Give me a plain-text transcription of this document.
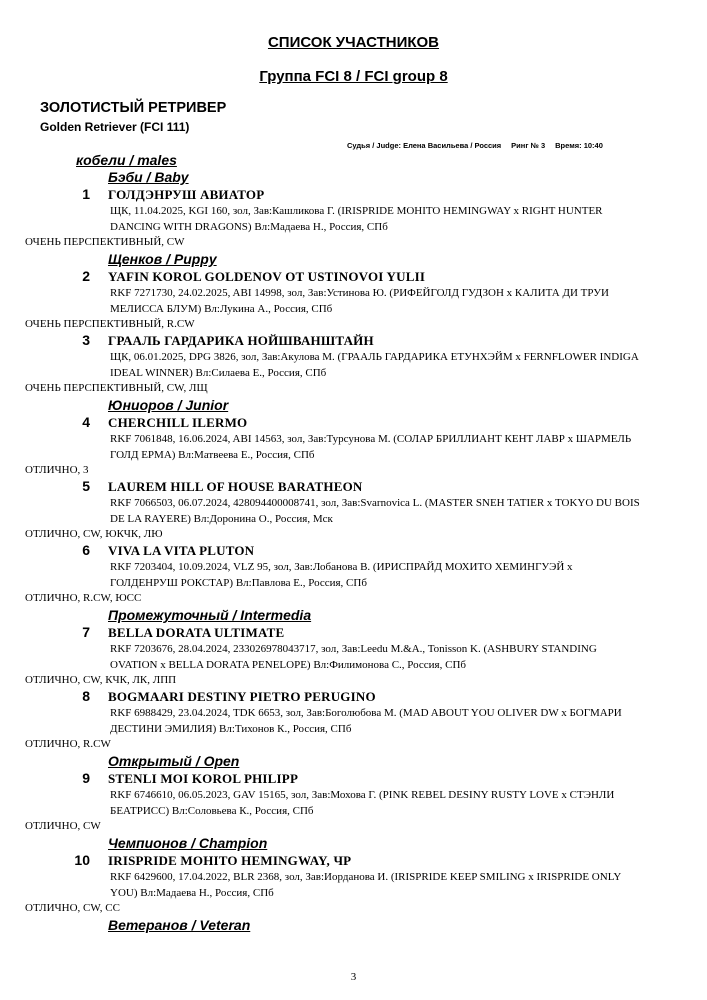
СПИСОК УЧАСТНИКОВ
Группа FCI 8 / FCI group 8
ЗОЛОТИСТЫЙ РЕТРИВЕР
Golden Retriever (FCI 111)
Судья / Judge: Елена Васильева / Россия Ринг № 3 Время: 10:40
кобели / males
Бэби / Baby
1	ГОЛДЭНРУШ АВИАТОР
ЩК, 11.04.2025, KGI 160, зол, Зав:Кашликова Г. (IRISPRIDE MOHITO HEMINGWAY x RIGHT HUNTER DANCING WITH DRAGONS) Вл:Мадаева Н., Россия, СПб
ОЧЕНЬ ПЕРСПЕКТИВНЫЙ, CW
Щенков / Puppy
2	YAFIN KOROL GOLDENOV OT USTINOVOI YULII
RKF 7271730, 24.02.2025, ABI 14998, зол, Зав:Устинова Ю. (РИФЕЙГОЛД ГУДЗОН x КАЛИТА ДИ ТРУИ МЕЛИССА БЛУМ) Вл:Лукина А., Россия, СПб
ОЧЕНЬ ПЕРСПЕКТИВНЫЙ, R.CW
3	ГРААЛЬ ГАРДАРИКА НОЙШВАНШТАЙН
ЩК, 06.01.2025, DPG 3826, зол, Зав:Акулова М. (ГРААЛЬ ГАРДАРИКА ЕТУНХЭЙМ x FERNFLOWER INDIGA IDEAL WINNER) Вл:Силаева Е., Россия, СПб
ОЧЕНЬ ПЕРСПЕКТИВНЫЙ, CW, ЛЩ
Юниоров / Junior
4	CHERCHILL ILERMO
RKF 7061848, 16.06.2024, ABI 14563, зол, Зав:Турсунова М. (СОЛАР БРИЛЛИАНТ КЕНТ ЛАВР x ШАРМЕЛЬ ГОЛД ЕРМА) Вл:Матвеева Е., Россия, СПб
ОТЛИЧНО, 3
5	LAUREM HILL OF HOUSE BARATHEON
RKF 7066503, 06.07.2024, 428094400008741, зол, Зав:Svarnovica L. (MASTER SNEH TATIER x TOKYO DU BOIS DE LA RAYERE) Вл:Доронина О., Россия, Мск
ОТЛИЧНО, CW, ЮКЧК, ЛЮ
6	VIVA LA VITA PLUTON
RKF 7203404, 10.09.2024, VLZ 95, зол, Зав:Лобанова В. (ИРИСПРАЙД МОХИТО ХЕМИНГУЭЙ x ГОЛДЕНРУШ РОКСТАР) Вл:Павлова Е., Россия, СПб
ОТЛИЧНО, R.CW, ЮСС
Промежуточный / Intermedia
7	BELLA DORATA ULTIMATE
RKF 7203676, 28.04.2024, 233026978043717, зол, Зав:Leedu M.&A., Tonisson K. (ASHBURY STANDING OVATION x BELLA DORATA PENELOPE) Вл:Филимонова С., Россия, СПб
ОТЛИЧНО, CW, КЧК, ЛК, ЛПП
8	BOGMAARI DESTINY PIETRO PERUGINO
RKF 6988429, 23.04.2024, TDK 6653, зол, Зав:Боголюбова М. (MAD ABOUT YOU OLIVER DW x БОГМАРИ ДЕСТИНИ ЭМИЛИЯ) Вл:Тихонов К., Россия, СПб
ОТЛИЧНО, R.CW
Открытый / Open
9	STENLI MOI KOROL PHILIPP
RKF 6746610, 06.05.2023, GAV 15165, зол, Зав:Мохова Г. (PINK REBEL DESINY RUSTY LOVE x СТЭНЛИ БЕАТРИСС) Вл:Соловьева К., Россия, СПб
ОТЛИЧНО, CW
Чемпионов / Champion
10	IRISPRIDE MOHITO HEMINGWAY, ЧР
RKF 6429600, 17.04.2022, BLR 2368, зол, Зав:Иорданова И. (IRISPRIDE KEEP SMILING x IRISPRIDE ONLY YOU) Вл:Мадаева Н., Россия, СПб
ОТЛИЧНО, CW, CC
Ветеранов / Veteran
3
